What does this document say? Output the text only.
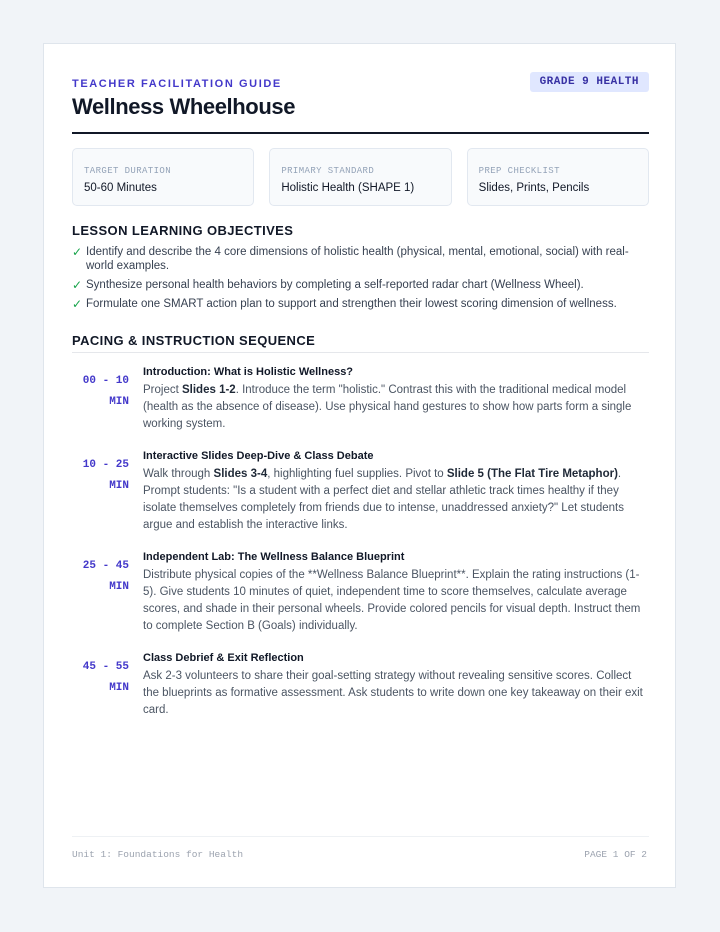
TEACHER FACILITATION GUIDE	GRADE 9 HEALTH
Wellness Wheelhouse
TARGET DURATION
50-60 Minutes
PRIMARY STANDARD
Holistic Health (SHAPE 1)
PREP CHECKLIST
Slides, Prints, Pencils
LESSON LEARNING OBJECTIVES
✓ Identify and describe the 4 core dimensions of holistic health (physical, mental, emotional, social) with real-world examples.
✓ Synthesize personal health behaviors by completing a self-reported radar chart (Wellness Wheel).
✓ Formulate one SMART action plan to support and strengthen their lowest scoring dimension of wellness.
PACING & INSTRUCTION SEQUENCE
00 - 10
MIN

Introduction: What is Holistic Wellness?

Project Slides 1-2. Introduce the term "holistic." Contrast this with the traditional medical model (health as the absence of disease). Use physical hand gestures to show how parts form a single working system.

10 - 25
MIN

Interactive Slides Deep-Dive & Class Debate

Walk through Slides 3-4, highlighting fuel supplies. Pivot to Slide 5 (The Flat Tire Metaphor). Prompt students: "Is a student with a perfect diet and stellar athletic track times healthy if they isolate themselves completely from friends due to intense, unaddressed anxiety?" Let students argue and establish the interactive links.

25 - 45
MIN

Independent Lab: The Wellness Balance Blueprint

Distribute physical copies of the **Wellness Balance Blueprint**. Explain the rating instructions (1-5). Give students 10 minutes of quiet, independent time to score themselves, calculate average scores, and shade in their personal wheels. Provide colored pencils for visual depth. Instruct them to complete Section B (Goals) individually.

45 - 55
MIN

Class Debrief & Exit Reflection

Ask 2-3 volunteers to share their goal-setting strategy without revealing sensitive scores. Collect the blueprints as formative assessment. Ask students to write down one key takeaway on their exit card.

Unit 1: Foundations for Health	PAGE 1 OF 2
